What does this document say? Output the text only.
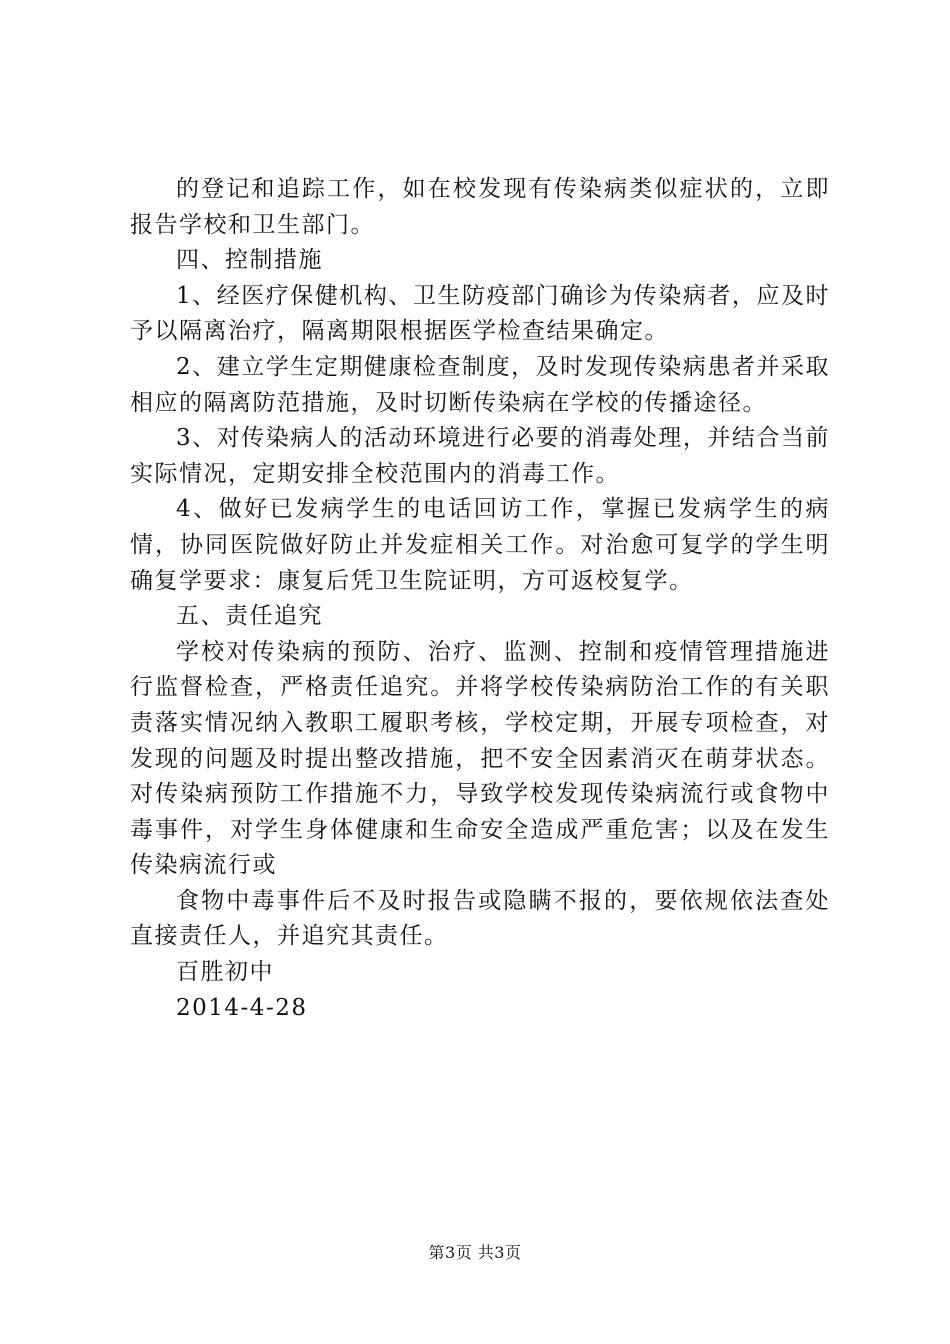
的登记和追踪工作，如在校发现有传染病类似症状的，立即报告学校和卫生部门。

四、控制措施

1、经医疗保健机构、卫生防疫部门确诊为传染病者，应及时予以隔离治疗，隔离期限根据医学检查结果确定。

2、建立学生定期健康检查制度，及时发现传染病患者并采取相应的隔离防范措施，及时切断传染病在学校的传播途径。

3、对传染病人的活动环境进行必要的消毒处理，并结合当前实际情况，定期安排全校范围内的消毒工作。

4、做好已发病学生的电话回访工作，掌握已发病学生的病情，协同医院做好防止并发症相关工作。对治愈可复学的学生明确复学要求：康复后凭卫生院证明，方可返校复学。

五、责任追究

学校对传染病的预防、治疗、监测、控制和疫情管理措施进行监督检查，严格责任追究。并将学校传染病防治工作的有关职责落实情况纳入教职工履职考核，学校定期，开展专项检查，对发现的问题及时提出整改措施，把不安全因素消灭在萌芽状态。对传染病预防工作措施不力，导致学校发现传染病流行或食物中毒事件，对学生身体健康和生命安全造成严重危害；以及在发生传染病流行或

食物中毒事件后不及时报告或隐瞒不报的，要依规依法查处直接责任人，并追究其责任。

百胜初中

2014-4-28

第3页 共3页
